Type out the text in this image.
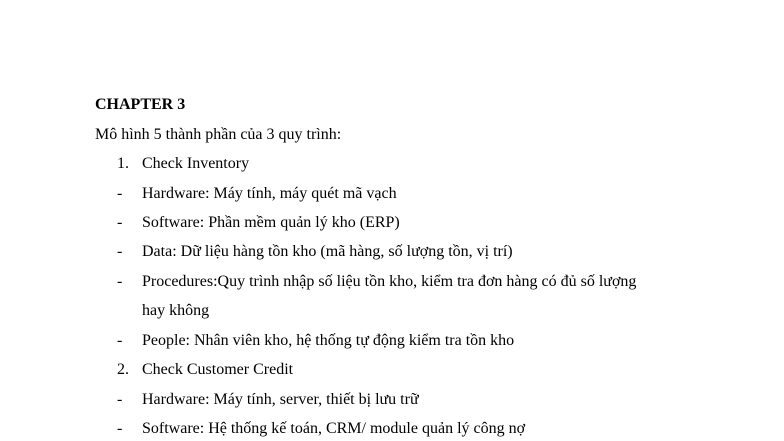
CHAPTER 3
Mô hình 5 thành phần của 3 quy trình:
1. Check Inventory
- Hardware: Máy tính, máy quét mã vạch
- Software: Phần mềm quản lý kho (ERP)
- Data: Dữ liệu hàng tồn kho (mã hàng, số lượng tồn, vị trí)
- Procedures:Quy trình nhập số liệu tồn kho, kiểm tra đơn hàng có đủ số lượng
hay không
- People: Nhân viên kho, hệ thống tự động kiểm tra tồn kho
2. Check Customer Credit
- Hardware: Máy tính, server, thiết bị lưu trữ
- Software: Hệ thống kế toán, CRM/ module quản lý công nợ
